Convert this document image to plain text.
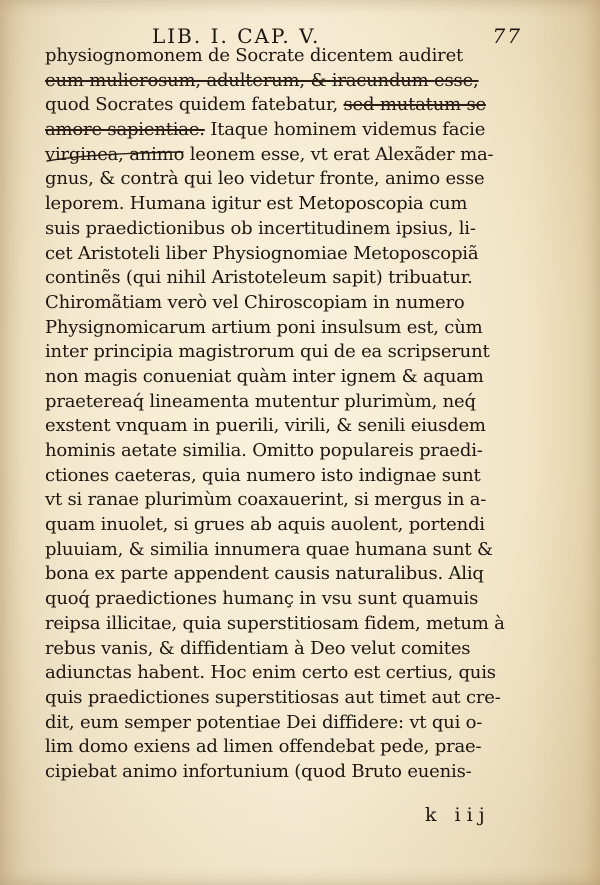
LIB. I. CAP. V.	77
physiognomonem de Socrate dicentem audiret
eum mulierosum, adulterum, & iracundum esse,
quod Socrates quidem fatebatur, sed mutatum se
amore sapientiae. Itaque hominem videmus facie
virginea, animo leonem esse, vt erat Alexãder ma-
gnus, & contrà qui leo videtur fronte, animo esse
leporem. Humana igitur est Metoposcopia cum
suis praedictionibus ob incertitudinem ipsius, li-
cet Aristoteli liber Physiognomiae Metoposcopiã
continẽs (qui nihil Aristoteleum sapit) tribuatur.
Chiromãtiam verò vel Chiroscopiam in numero
Physignomicarum artium poni insulsum est, cùm
inter principia magistrorum qui de ea scripserunt
non magis conueniat quàm inter ignem & aquam
praetereaq́ lineamenta mutentur plurimùm, neq́
exstent vnquam in puerili, virili, & senili eiusdem
hominis aetate similia. Omitto populareis praedi-
ctiones caeteras, quia numero isto indignae sunt
vt si ranae plurimùm coaxauerint, si mergus in a-
quam inuolet, si grues ab aquis auolent, portendi
pluuiam, & similia innumera quae humana sunt &
bona ex parte appendent causis naturalibus. Aliq
quoq́ praedictiones humanç in vsu sunt quamuis
reipsa illicitae, quia superstitiosam fidem, metum à
rebus vanis, & diffidentiam à Deo velut comites
adiunctas habent. Hoc enim certo est certius, quis
quis praedictiones superstitiosas aut timet aut cre-
dit, eum semper potentiae Dei diffidere: vt qui o-
lim domo exiens ad limen offendebat pede, prae-
cipiebat animo infortunium (quod Bruto euenis-
k iij
